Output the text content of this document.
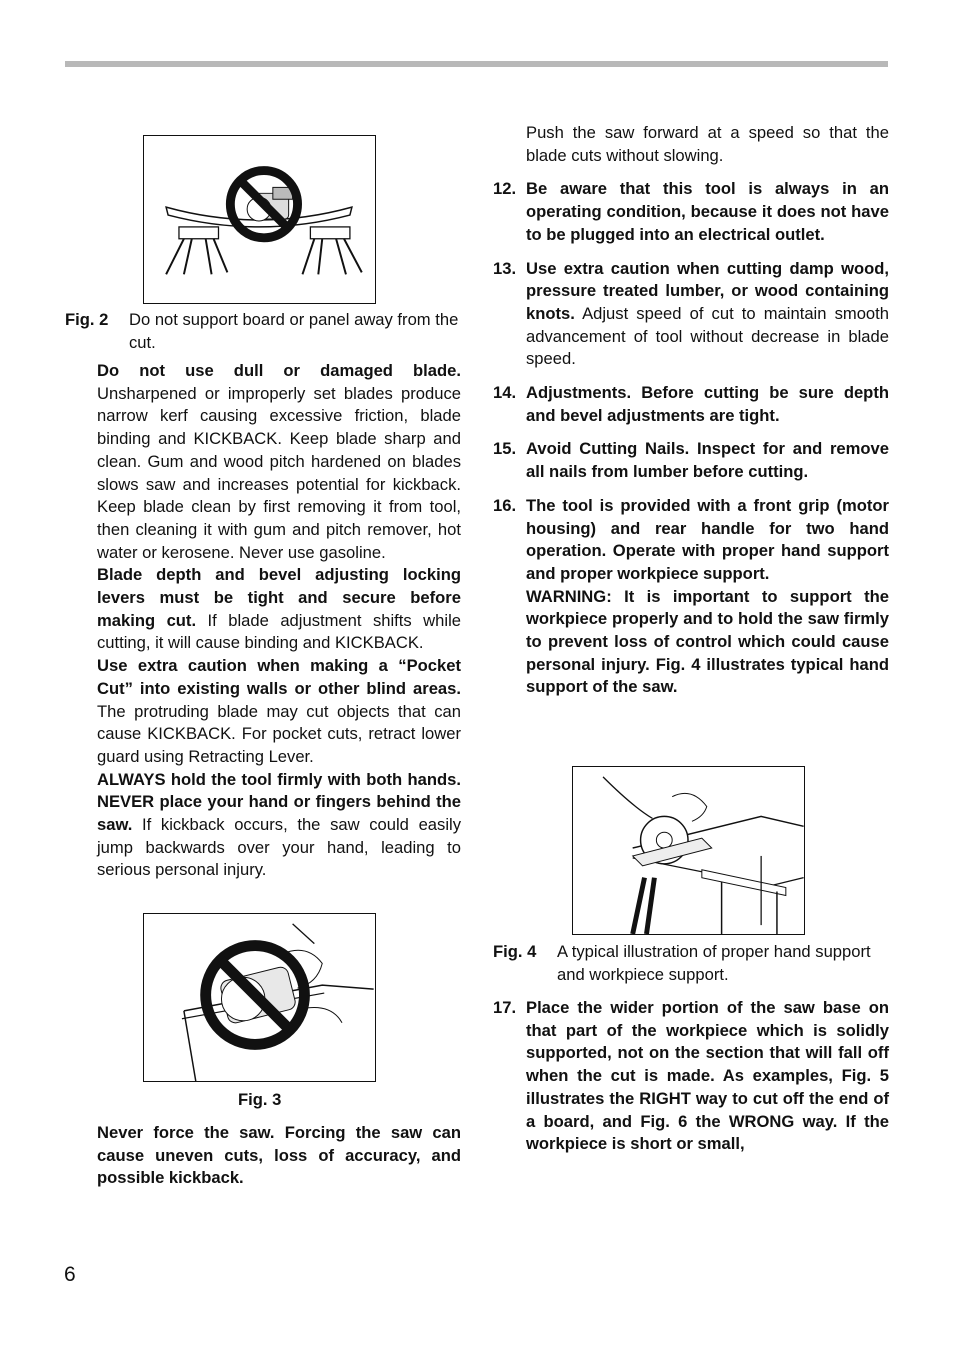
Fig. 2 Do not support board or panel away from the cut.

Do not use dull or damaged blade. Unsharpened or improperly set blades produce narrow kerf causing excessive friction, blade binding and KICKBACK. Keep blade sharp and clean. Gum and wood pitch hardened on blades slows saw and increases potential for kickback. Keep blade clean by first removing it from tool, then cleaning it with gum and pitch remover, hot water or kerosene. Never use gasoline.

Blade depth and bevel adjusting locking levers must be tight and secure before making cut. If blade adjustment shifts while cutting, it will cause binding and KICKBACK.

Use extra caution when making a “Pocket Cut” into existing walls or other blind areas. The protruding blade may cut objects that can cause KICKBACK. For pocket cuts, retract lower guard using Retracting Lever.

ALWAYS hold the tool firmly with both hands. NEVER place your hand or fingers behind the saw. If kickback occurs, the saw could easily jump backwards over your hand, leading to serious personal injury.

Fig. 3

Never force the saw. Forcing the saw can cause uneven cuts, loss of accuracy, and possible kickback.

Push the saw forward at a speed so that the blade cuts without slowing.

12. Be aware that this tool is always in an operating condition, because it does not have to be plugged into an electrical outlet.

13. Use extra caution when cutting damp wood, pressure treated lumber, or wood containing knots. Adjust speed of cut to maintain smooth advancement of tool without decrease in blade speed.

14. Adjustments. Before cutting be sure depth and bevel adjustments are tight.

15. Avoid Cutting Nails. Inspect for and remove all nails from lumber before cutting.

16. The tool is provided with a front grip (motor housing) and rear handle for two hand operation. Operate with proper hand support and proper workpiece support.

WARNING: It is important to support the workpiece properly and to hold the saw firmly to prevent loss of control which could cause personal injury. Fig. 4 illustrates typical hand support of the saw.

Fig. 4 A typical illustration of proper hand support and workpiece support.
17. Place the wider portion of the saw base on that part of the workpiece which is solidly supported, not on the section that will fall off when the cut is made. As examples, Fig. 5 illustrates the RIGHT way to cut off the end of a board, and Fig. 6 the WRONG way. If the workpiece is short or small,

6
